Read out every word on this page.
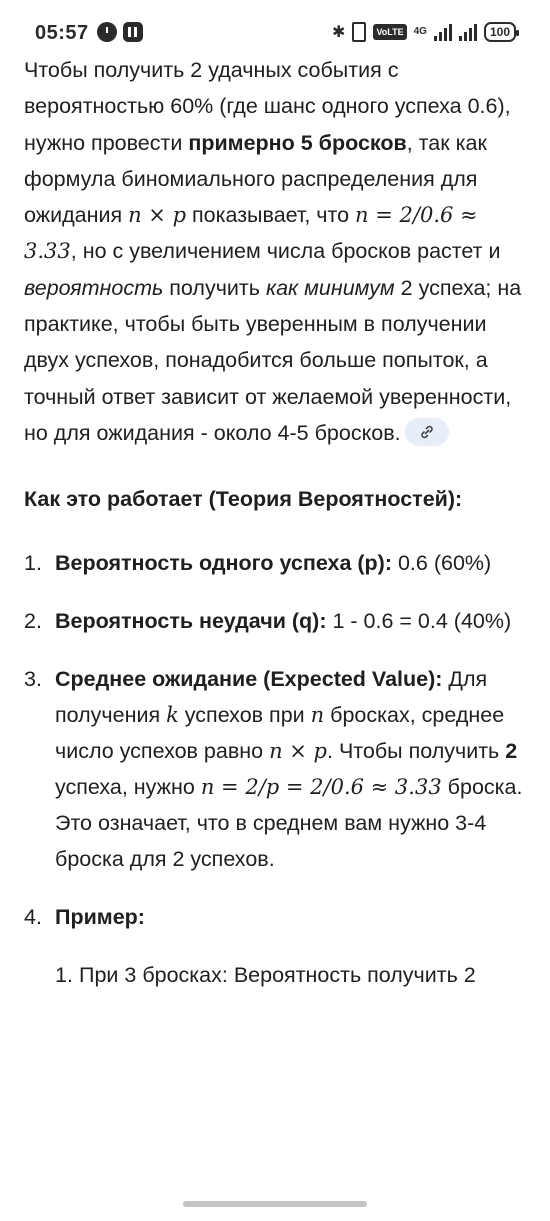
05:57	✱	VoLTE	4G	100

Чтобы получить 2 удачных события с вероятностью 60% (где шанс одного успеха 0.6), нужно провести примерно 5 бросков, так как формула биномиального распределения для ожидания n × p показывает, что n = 2/0.6 ≈ 3.33, но с увеличением числа бросков растет и вероятность получить как минимум 2 успеха; на практике, чтобы быть уверенным в получении двух успехов, понадобится больше попыток, а точный ответ зависит от желаемой уверенности, но для ожидания - около 4-5 бросков.

Как это работает (Теория Вероятностей):
1. Вероятность одного успеха (p): 0.6 (60%)
2. Вероятность неудачи (q): 1 - 0.6 = 0.4 (40%)
3. Среднее ожидание (Expected Value): Для получения k успехов при n бросках, среднее число успехов равно n × p. Чтобы получить 2 успеха, нужно n = 2/p = 2/0.6 ≈ 3.33 броска. Это означает, что в среднем вам нужно 3-4 броска для 2 успехов.
4. Пример:
1. При 3 бросках: Вероятность получить 2
